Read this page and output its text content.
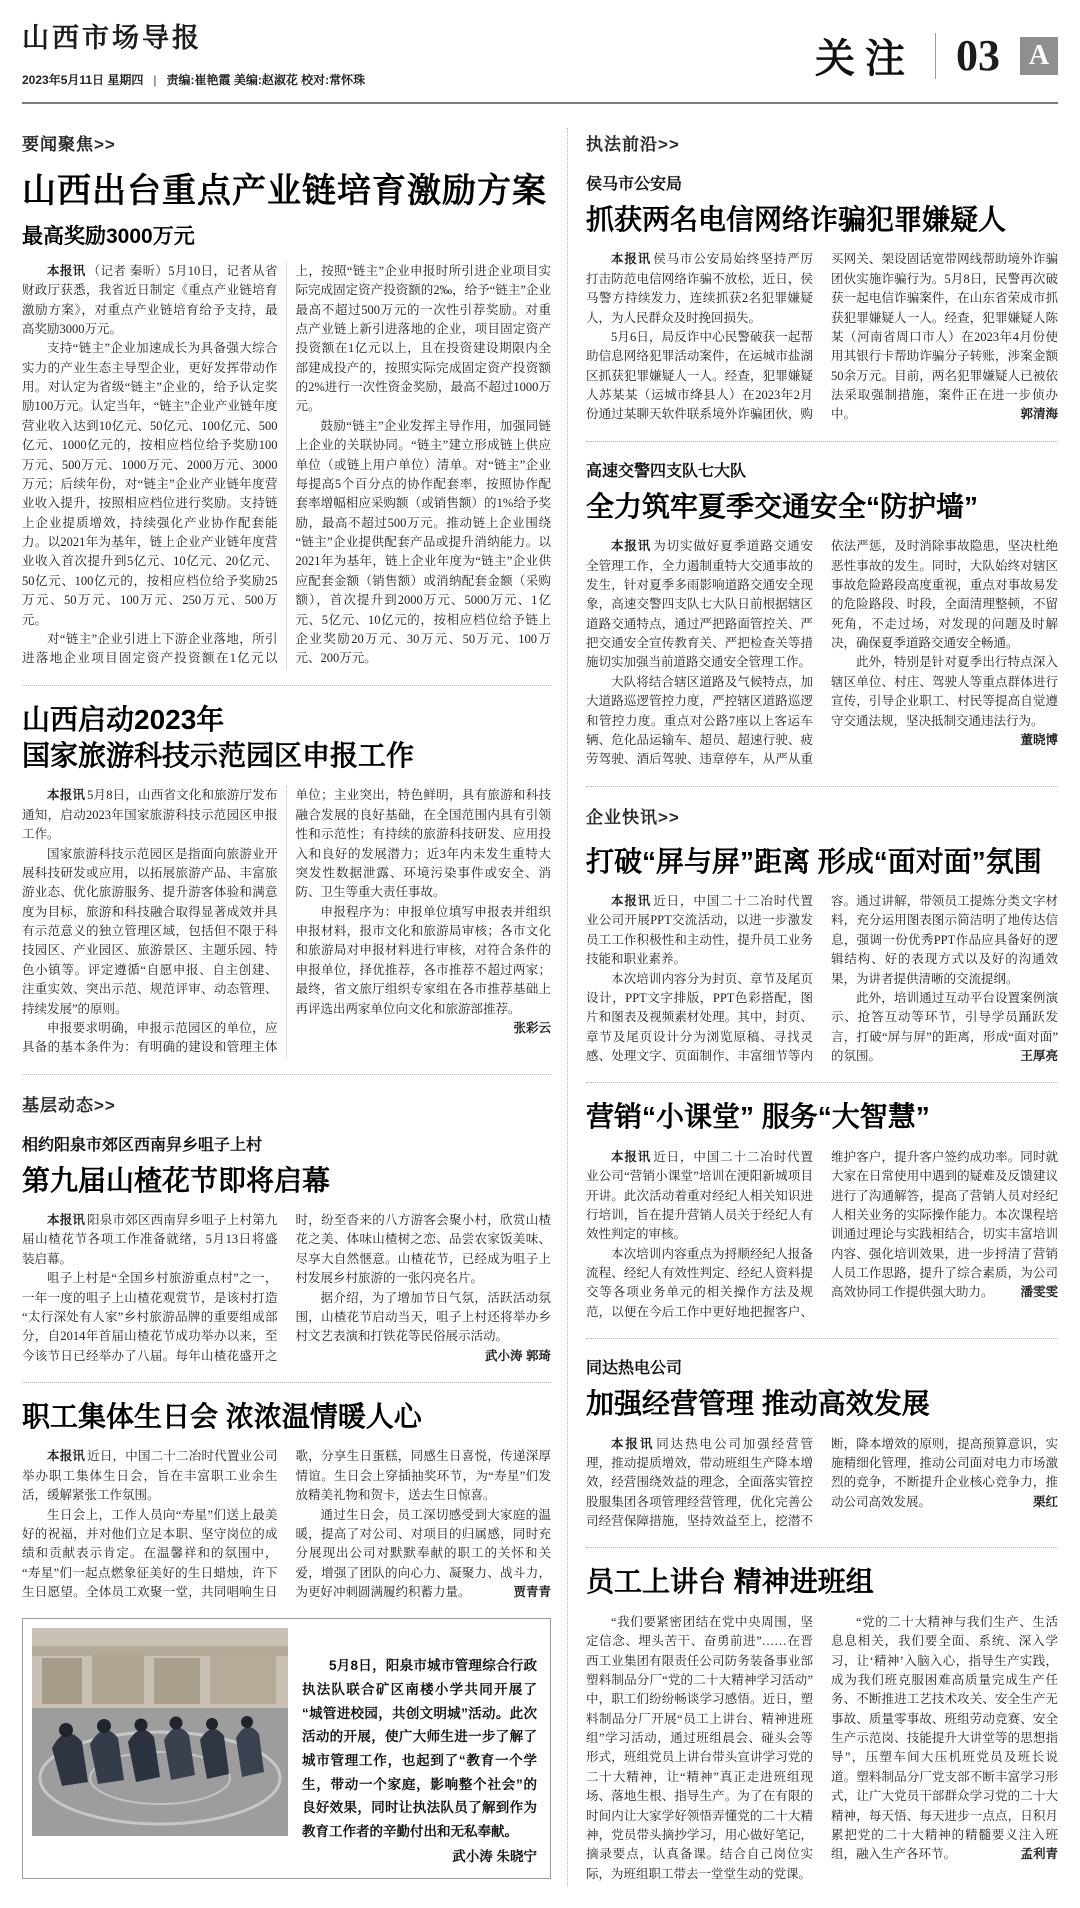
山西市场导报
2023年5月11日 星期四 | 责编:崔艳霞 美编:赵淑花 校对:常怀珠	关注 03	A
要闻聚焦>>
山西出台重点产业链培育激励方案
最高奖励3000万元

本报讯 （记者 秦昕）5月10日，记者从省财政厅获悉，我省近日制定《重点产业链培育激励方案》，对重点产业链培育给予支持，最高奖励3000万元。

支持“链主”企业加速成长为具备强大综合实力的产业生态主导型企业，更好发挥带动作用。对认定为省级“链主”企业的，给予认定奖励100万元。认定当年，“链主”企业产业链年度营业收入达到10亿元、50亿元、100亿元、500亿元、1000亿元的，按相应档位给予奖励100万元、500万元、1000万元、2000万元、3000万元；后续年份，对“链主”企业产业链年度营业收入提升，按照相应档位进行奖励。支持链上企业提质增效，持续强化产业协作配套能力。以2021年为基年，链上企业产业链年度营业收入首次提升到5亿元、10亿元、20亿元、50亿元、100亿元的，按相应档位给予奖励25万元、50万元、100万元、250万元、500万元。

对“链主”企业引进上下游企业落地，所引进落地企业项目固定资产投资额在1亿元以上，按照“链主”企业申报时所引进企业项目实际完成固定资产投资额的2‰，给予“链主”企业最高不超过500万元的一次性引荐奖励。对重点产业链上新引进落地的企业，项目固定资产投资额在1亿元以上，且在投资建设期限内全部建成投产的，按照实际完成固定资产投资额的2%进行一次性资金奖励，最高不超过1000万元。

鼓励“链主”企业发挥主导作用，加强同链上企业的关联协同。“链主”建立形成链上供应单位（或链上用户单位）清单。对“链主”企业每提高5个百分点的协作配套率，按照协作配套率增幅相应采购额（或销售额）的1%给予奖励，最高不超过500万元。推动链上企业围绕“链主”企业提供配套产品或提升消纳能力。以2021年为基年，链上企业年度为“链主”企业供应配套金额（销售额）或消纳配套金额（采购额），首次提升到2000万元、5000万元、1亿元、5亿元、10亿元的，按相应档位给予链上企业奖励20万元、30万元、50万元、100万元、200万元。

山西启动2023年
国家旅游科技示范园区申报工作

本报讯 5月8日，山西省文化和旅游厅发布通知，启动2023年国家旅游科技示范园区申报工作。

国家旅游科技示范园区是指面向旅游业开展科技研发或应用，以拓展旅游产品、丰富旅游业态、优化旅游服务、提升游客体验和满意度为目标，旅游和科技融合取得显著成效并具有示范意义的独立管理区域，包括但不限于科技园区、产业园区、旅游景区、主题乐园、特色小镇等。评定遵循“自愿申报、自主创建、注重实效、突出示范、规范评审、动态管理、持续发展”的原则。

申报要求明确，申报示范园区的单位，应具备的基本条件为：有明确的建设和管理主体单位；主业突出，特色鲜明，具有旅游和科技融合发展的良好基础，在全国范围内具有引领性和示范性；有持续的旅游科技研发、应用投入和良好的发展潜力；近3年内未发生重特大突发性数据泄露、环境污染事件或安全、消防、卫生等重大责任事故。

申报程序为：申报单位填写申报表并组织申报材料，报市文化和旅游局审核；各市文化和旅游局对申报材料进行审核，对符合条件的申报单位，择优推荐，各市推荐不超过两家；最终，省文旅厅组织专家组在各市推荐基础上再评选出两家单位向文化和旅游部推荐。
张彩云

基层动态>>
相约阳泉市郊区西南舁乡咀子上村
第九届山楂花节即将启幕

本报讯 阳泉市郊区西南舁乡咀子上村第九届山楂花节各项工作准备就绪，5月13日将盛装启幕。

咀子上村是“全国乡村旅游重点村”之一，一年一度的咀子上山楂花观赏节，是该村打造“太行深处有人家”乡村旅游品牌的重要组成部分，自2014年首届山楂花节成功举办以来，至今该节日已经举办了八届。每年山楂花盛开之时，纷至沓来的八方游客会聚小村，欣赏山楂花之美、体味山楂树之恋、品尝农家饭美味、尽享大自然惬意。山楂花节，已经成为咀子上村发展乡村旅游的一张闪亮名片。

据介绍，为了增加节日气氛，活跃活动氛围，山楂花节启动当天，咀子上村还将举办乡村文艺表演和打铁花等民俗展示活动。
武小涛 郭琦

职工集体生日会 浓浓温情暖人心

本报讯 近日，中国二十二冶时代置业公司举办职工集体生日会，旨在丰富职工业余生活，缓解紧张工作氛围。

生日会上，工作人员向“寿星”们送上最美好的祝福，并对他们立足本职、坚守岗位的成绩和贡献表示肯定。在温馨祥和的氛围中，“寿星”们一起点燃象征美好的生日蜡烛，许下生日愿望。全体员工欢聚一堂，共同唱响生日歌，分享生日蛋糕，同感生日喜悦，传递深厚情谊。生日会上穿插抽奖环节，为“寿星”们发放精美礼物和贺卡，送去生日惊喜。

通过生日会，员工深切感受到大家庭的温暖，提高了对公司、对项目的归属感，同时充分展现出公司对默默奉献的职工的关怀和关爱，增强了团队的向心力、凝聚力、战斗力，为更好冲刺圆满履约积蓄力量。	贾青青

5月8日，阳泉市城市管理综合行政执法队联合矿区南楼小学共同开展了“城管进校园，共创文明城”活动。此次活动的开展，使广大师生进一步了解了城市管理工作，也起到了“教育一个学生，带动一个家庭，影响整个社会”的良好效果，同时让执法队员了解到作为教育工作者的辛勤付出和无私奉献。

武小涛 朱晓宁
执法前沿>>
侯马市公安局
抓获两名电信网络诈骗犯罪嫌疑人

本报讯 侯马市公安局始终坚持严厉打击防范电信网络诈骗不放松，近日，侯马警方持续发力，连续抓获2名犯罪嫌疑人，为人民群众及时挽回损失。

5月6日，局反诈中心民警破获一起帮助信息网络犯罪活动案件，在运城市盐湖区抓获犯罪嫌疑人一人。经查，犯罪嫌疑人苏某某（运城市绛县人）在2023年2月份通过某聊天软件联系境外诈骗团伙，购买网关、架设固话宽带网线帮助境外诈骗团伙实施诈骗行为。5月8日，民警再次破获一起电信诈骗案件，在山东省荣成市抓获犯罪嫌疑人一人。经查，犯罪嫌疑人陈某（河南省周口市人）在2023年4月份使用其银行卡帮助诈骗分子转账，涉案金额50余万元。目前，两名犯罪嫌疑人已被依法采取强制措施，案件正在进一步侦办中。	郭清海

高速交警四支队七大队
全力筑牢夏季交通安全“防护墙”

本报讯 为切实做好夏季道路交通安全管理工作，全力遏制重特大交通事故的发生，针对夏季多雨影响道路交通安全现象，高速交警四支队七大队日前根据辖区道路交通特点，通过严把路面管控关、严把交通安全宣传教育关、严把检查关等措施切实加强当前道路交通安全管理工作。

大队将结合辖区道路及气候特点，加大道路巡逻管控力度，严控辖区道路巡逻和管控力度。重点对公路7座以上客运车辆、危化品运输车、超员、超速行驶、疲劳驾驶、酒后驾驶、违章停车，从严从重依法严惩，及时消除事故隐患，坚决杜绝恶性事故的发生。同时，大队始终对辖区事故危险路段高度重视，重点对事故易发的危险路段、时段，全面清理整顿，不留死角，不走过场，对发现的问题及时解决，确保夏季道路交通安全畅通。

此外，特别是针对夏季出行特点深入辖区单位、村庄、驾驶人等重点群体进行宣传，引导企业职工、村民等提高自觉遵守交通法规，坚决抵制交通违法行为。
董晓博

企业快讯>>
打破“屏与屏”距离 形成“面对面”氛围

本报讯 近日，中国二十二冶时代置业公司开展PPT交流活动，以进一步激发员工工作积极性和主动性，提升员工业务技能和职业素养。

本次培训内容分为封页、章节及尾页设计，PPT文字排版，PPT色彩搭配，图片和图表及视频素材处理。其中，封页、章节及尾页设计分为浏览原稿、寻找灵感、处理文字、页面制作、丰富细节等内容。通过讲解，带领员工提炼分类文字材料，充分运用图表图示简洁明了地传达信息，强调一份优秀PPT作品应具备好的逻辑结构、好的表现方式以及好的沟通效果，为讲者提供清晰的交流提纲。

此外，培训通过互动平台设置案例演示、抢答互动等环节，引导学员踊跃发言，打破“屏与屏”的距离，形成“面对面”的氛围。	王厚亮

营销“小课堂” 服务“大智慧”

本报讯 近日，中国二十二冶时代置业公司“营销小课堂”培训在浭阳新城项目开讲。此次活动着重对经纪人相关知识进行培训，旨在提升营销人员关于经纪人有效性判定的审核。

本次培训内容重点为捋顺经纪人报备流程、经纪人有效性判定、经纪人资料提交等各项业务单元的相关操作方法及规范，以便在今后工作中更好地把握客户、维护客户，提升客户签约成功率。同时就大家在日常使用中遇到的疑难及反馈建议进行了沟通解答，提高了营销人员对经纪人相关业务的实际操作能力。本次课程培训通过理论与实践相结合，切实丰富培训内容、强化培训效果，进一步捋清了营销人员工作思路，提升了综合素质，为公司高效协同工作提供强大助力。 潘雯雯

同达热电公司
加强经营管理 推动高效发展

本报讯 同达热电公司加强经营管理，推动提质增效，带动班组生产降本增效，经营围绕效益的理念，全面落实管控股服集团各项管理经营管理，优化完善公司经营保障措施，坚持效益至上，挖潜不断，降本增效的原则，提高预算意识，实施精细化管理，推动公司面对电力市场激烈的竞争，不断提升企业核心竞争力，推动公司高效发展。	栗红

员工上讲台 精神进班组

“我们要紧密团结在党中央周围，坚定信念、埋头苦干、奋勇前进”……在晋西工业集团有限责任公司防务装备事业部塑料制品分厂“党的二十大精神学习活动”中，职工们纷纷畅谈学习感悟。近日，塑料制品分厂开展“员工上讲台、精神进班组”学习活动，通过班组晨会、碰头会等形式，班组党员上讲台带头宣讲学习党的二十大精神，让“精神”真正走进班组现场、落地生根、指导生产。为了在有限的时间内让大家学好领悟弄懂党的二十大精神，党员带头摘抄学习，用心做好笔记，摘录要点，认真备课。结合自己岗位实际，为班组职工带去一堂堂生动的党课。

“党的二十大精神与我们生产、生活息息相关，我们要全面、系统、深入学习，让‘精神’入脑入心，指导生产实践，成为我们班克服困难高质量完成生产任务、不断推进工艺技术攻关、安全生产无事故、质量零事故、班组劳动竞赛、安全生产示范岗、技能提升大讲堂等的思想指导”，压塑车间大压机班党员及班长说道。塑料制品分厂党支部不断丰富学习形式，让广大党员干部群众学习党的二十大精神，每天悟、每天进步一点点，日积月累把党的二十大精神的精髓要义注入班组，融入生产各环节。	孟利青
